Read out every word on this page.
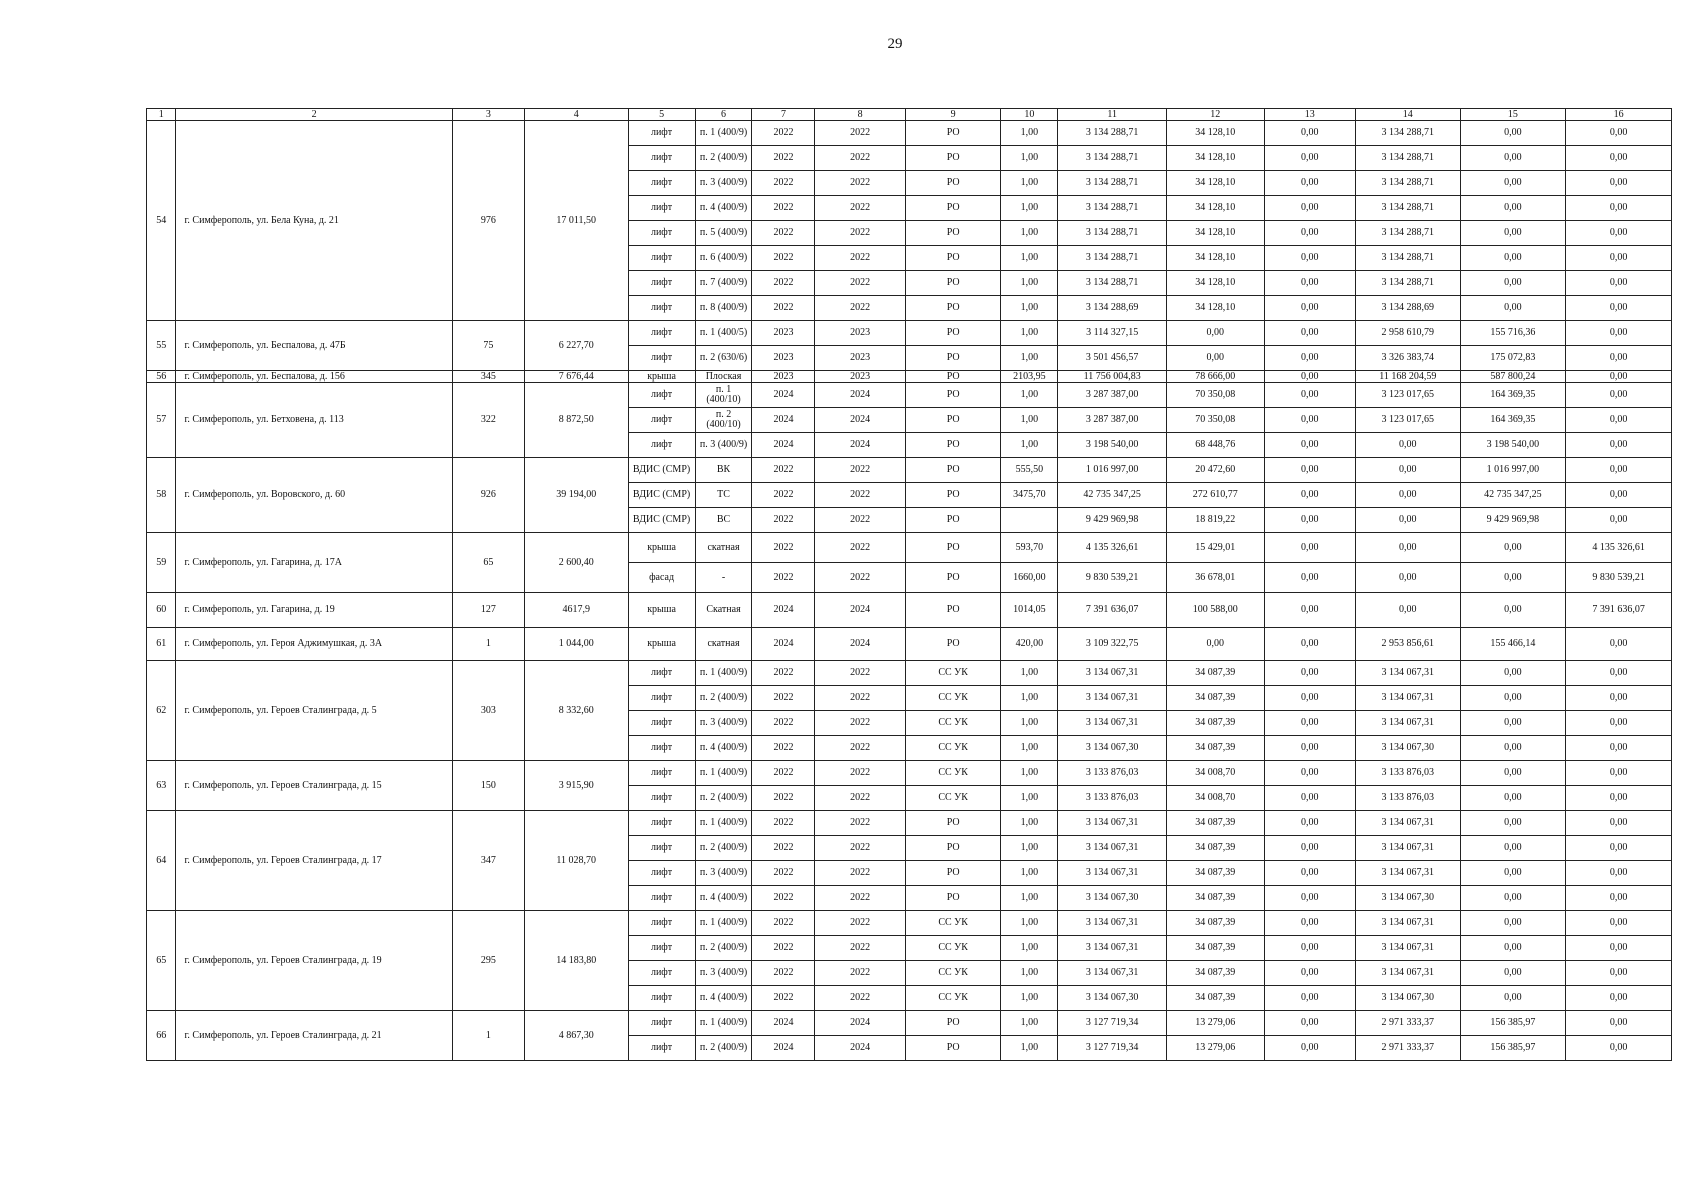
29
1	2	3	4	5	6	7	8	9	10	11	12	13	14	15	16
54	г. Симферополь, ул. Бела Куна, д. 21	976	17 011,50	лифт	п. 1 (400/9)	2022	2022	РО	1,00	3 134 288,71	34 128,10	0,00	3 134 288,71	0,00	0,00
				лифт	п. 2 (400/9)	2022	2022	РО	1,00	3 134 288,71	34 128,10	0,00	3 134 288,71	0,00	0,00
				лифт	п. 3 (400/9)	2022	2022	РО	1,00	3 134 288,71	34 128,10	0,00	3 134 288,71	0,00	0,00
				лифт	п. 4 (400/9)	2022	2022	РО	1,00	3 134 288,71	34 128,10	0,00	3 134 288,71	0,00	0,00
				лифт	п. 5 (400/9)	2022	2022	РО	1,00	3 134 288,71	34 128,10	0,00	3 134 288,71	0,00	0,00
				лифт	п. 6 (400/9)	2022	2022	РО	1,00	3 134 288,71	34 128,10	0,00	3 134 288,71	0,00	0,00
				лифт	п. 7 (400/9)	2022	2022	РО	1,00	3 134 288,71	34 128,10	0,00	3 134 288,71	0,00	0,00
				лифт	п. 8 (400/9)	2022	2022	РО	1,00	3 134 288,69	34 128,10	0,00	3 134 288,69	0,00	0,00
55	г. Симферополь, ул. Беспалова, д. 47Б	75	6 227,70	лифт	п. 1 (400/5)	2023	2023	РО	1,00	3 114 327,15	0,00	0,00	2 958 610,79	155 716,36	0,00
				лифт	п. 2 (630/6)	2023	2023	РО	1,00	3 501 456,57	0,00	0,00	3 326 383,74	175 072,83	0,00
56	г. Симферополь, ул. Беспалова, д. 156	345	7 676,44	крыша	Плоская	2023	2023	РО	2103,95	11 756 004,83	78 666,00	0,00	11 168 204,59	587 800,24	0,00
57	г. Симферополь, ул. Бетховена, д. 113	322	8 872,50	лифт	п. 1 (400/10)	2024	2024	РО	1,00	3 287 387,00	70 350,08	0,00	3 123 017,65	164 369,35	0,00
				лифт	п. 2 (400/10)	2024	2024	РО	1,00	3 287 387,00	70 350,08	0,00	3 123 017,65	164 369,35	0,00
				лифт	п. 3 (400/9)	2024	2024	РО	1,00	3 198 540,00	68 448,76	0,00	0,00	3 198 540,00	0,00
58	г. Симферополь, ул. Воровского, д. 60	926	39 194,00	ВДИС (СМР)	ВК	2022	2022	РО	555,50	1 016 997,00	20 472,60	0,00	0,00	1 016 997,00	0,00
				ВДИС (СМР)	ТС	2022	2022	РО	3475,70	42 735 347,25	272 610,77	0,00	0,00	42 735 347,25	0,00
				ВДИС (СМР)	ВС	2022	2022	РО		9 429 969,98	18 819,22	0,00	0,00	9 429 969,98	0,00
59	г. Симферополь, ул. Гагарина, д. 17А	65	2 600,40	крыша	скатная	2022	2022	РО	593,70	4 135 326,61	15 429,01	0,00	0,00	0,00	4 135 326,61
				фасад	-	2022	2022	РО	1660,00	9 830 539,21	36 678,01	0,00	0,00	0,00	9 830 539,21
60	г. Симферополь, ул. Гагарина, д. 19	127	4617,9	крыша	Скатная	2024	2024	РО	1014,05	7 391 636,07	100 588,00	0,00	0,00	0,00	7 391 636,07
61	г. Симферополь, ул. Героя Аджимушкая, д. 3А	1	1 044,00	крыша	скатная	2024	2024	РО	420,00	3 109 322,75	0,00	0,00	2 953 856,61	155 466,14	0,00
62	г. Симферополь, ул. Героев Сталинграда, д. 5	303	8 332,60	лифт	п. 1 (400/9)	2022	2022	СС УК	1,00	3 134 067,31	34 087,39	0,00	3 134 067,31	0,00	0,00
				лифт	п. 2 (400/9)	2022	2022	СС УК	1,00	3 134 067,31	34 087,39	0,00	3 134 067,31	0,00	0,00
				лифт	п. 3 (400/9)	2022	2022	СС УК	1,00	3 134 067,31	34 087,39	0,00	3 134 067,31	0,00	0,00
				лифт	п. 4 (400/9)	2022	2022	СС УК	1,00	3 134 067,30	34 087,39	0,00	3 134 067,30	0,00	0,00
63	г. Симферополь, ул. Героев Сталинграда, д. 15	150	3 915,90	лифт	п. 1 (400/9)	2022	2022	СС УК	1,00	3 133 876,03	34 008,70	0,00	3 133 876,03	0,00	0,00
				лифт	п. 2 (400/9)	2022	2022	СС УК	1,00	3 133 876,03	34 008,70	0,00	3 133 876,03	0,00	0,00
64	г. Симферополь, ул. Героев Сталинграда, д. 17	347	11 028,70	лифт	п. 1 (400/9)	2022	2022	РО	1,00	3 134 067,31	34 087,39	0,00	3 134 067,31	0,00	0,00
				лифт	п. 2 (400/9)	2022	2022	РО	1,00	3 134 067,31	34 087,39	0,00	3 134 067,31	0,00	0,00
				лифт	п. 3 (400/9)	2022	2022	РО	1,00	3 134 067,31	34 087,39	0,00	3 134 067,31	0,00	0,00
				лифт	п. 4 (400/9)	2022	2022	РО	1,00	3 134 067,30	34 087,39	0,00	3 134 067,30	0,00	0,00
65	г. Симферополь, ул. Героев Сталинграда, д. 19	295	14 183,80	лифт	п. 1 (400/9)	2022	2022	СС УК	1,00	3 134 067,31	34 087,39	0,00	3 134 067,31	0,00	0,00
				лифт	п. 2 (400/9)	2022	2022	СС УК	1,00	3 134 067,31	34 087,39	0,00	3 134 067,31	0,00	0,00
				лифт	п. 3 (400/9)	2022	2022	СС УК	1,00	3 134 067,31	34 087,39	0,00	3 134 067,31	0,00	0,00
				лифт	п. 4 (400/9)	2022	2022	СС УК	1,00	3 134 067,30	34 087,39	0,00	3 134 067,30	0,00	0,00
66	г. Симферополь, ул. Героев Сталинграда, д. 21	1	4 867,30	лифт	п. 1 (400/9)	2024	2024	РО	1,00	3 127 719,34	13 279,06	0,00	2 971 333,37	156 385,97	0,00
				лифт	п. 2 (400/9)	2024	2024	РО	1,00	3 127 719,34	13 279,06	0,00	2 971 333,37	156 385,97	0,00
